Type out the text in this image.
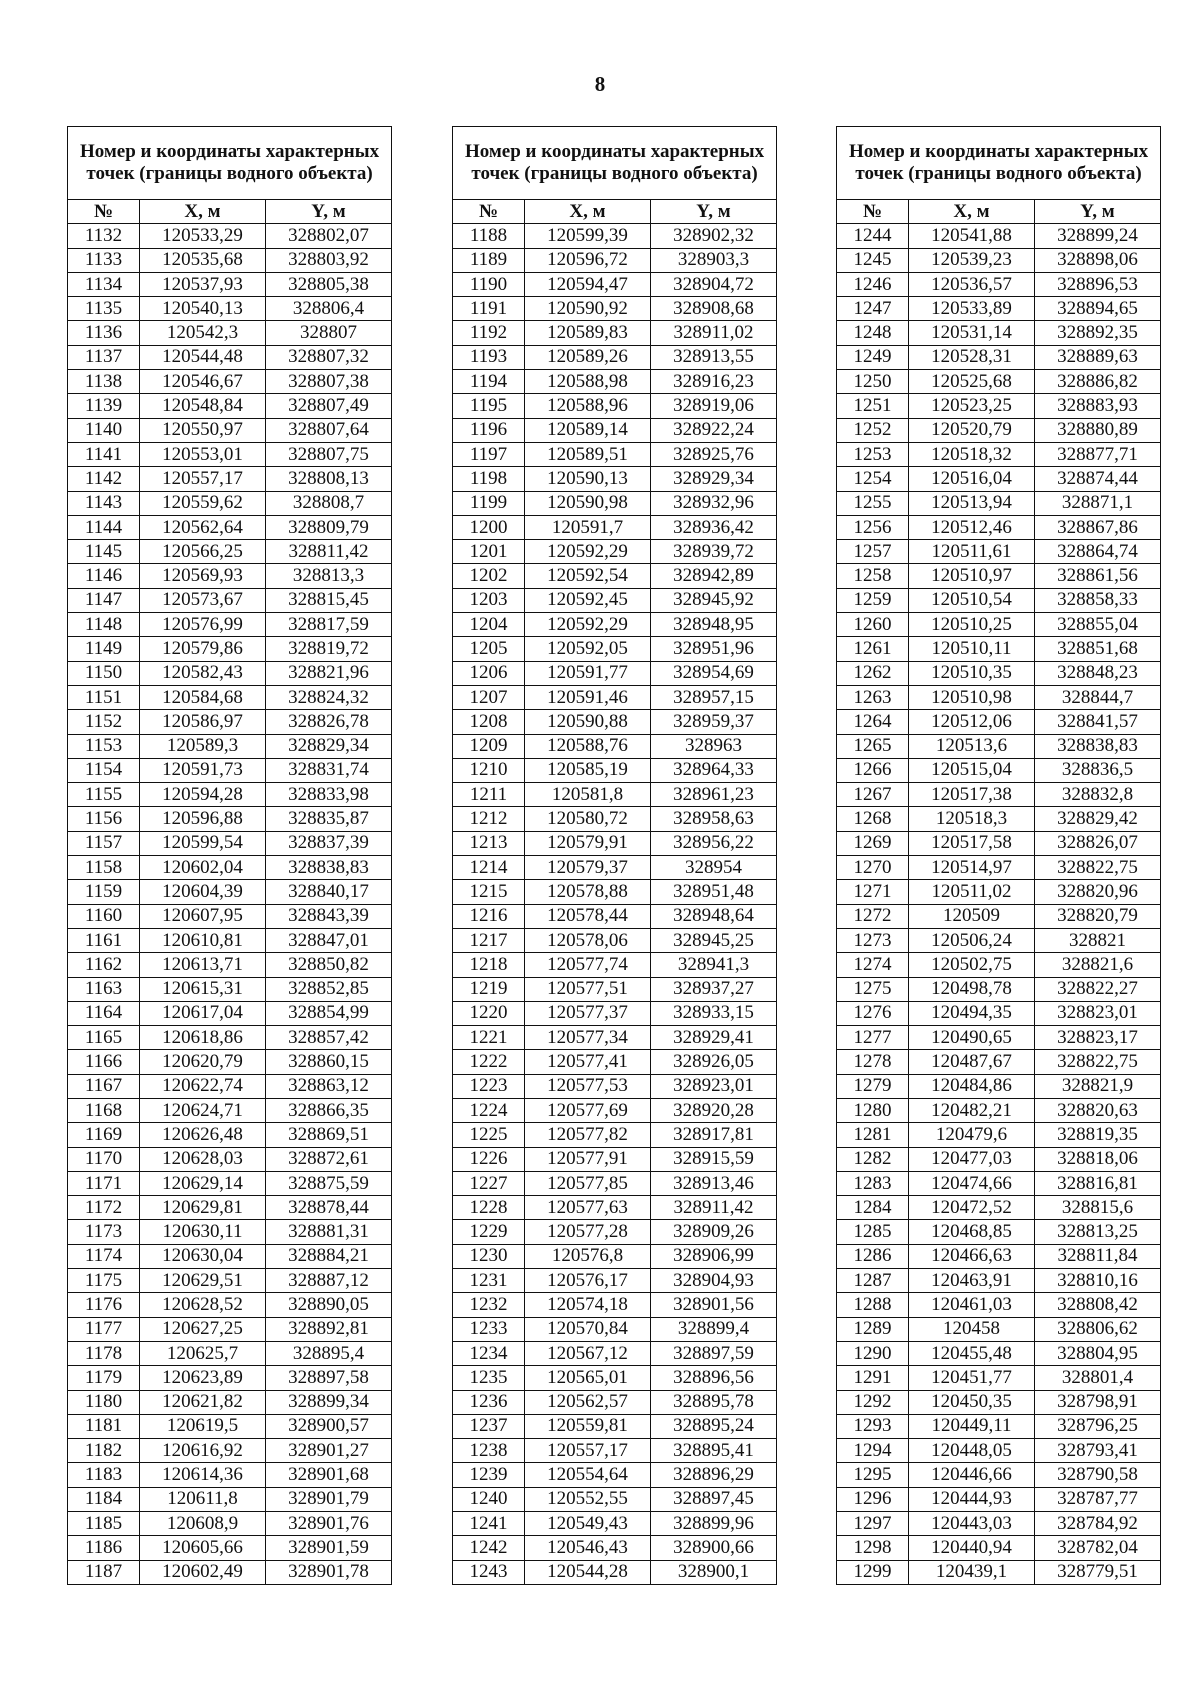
8
Номер и координаты характерных точек (границы водного объекта)		
№	X, м	Y, м
1132	120533,29	328802,07
1133	120535,68	328803,92
1134	120537,93	328805,38
1135	120540,13	328806,4
1136	120542,3	328807
1137	120544,48	328807,32
1138	120546,67	328807,38
1139	120548,84	328807,49
1140	120550,97	328807,64
1141	120553,01	328807,75
1142	120557,17	328808,13
1143	120559,62	328808,7
1144	120562,64	328809,79
1145	120566,25	328811,42
1146	120569,93	328813,3
1147	120573,67	328815,45
1148	120576,99	328817,59
1149	120579,86	328819,72
1150	120582,43	328821,96
1151	120584,68	328824,32
1152	120586,97	328826,78
1153	120589,3	328829,34
1154	120591,73	328831,74
1155	120594,28	328833,98
1156	120596,88	328835,87
1157	120599,54	328837,39
1158	120602,04	328838,83
1159	120604,39	328840,17
1160	120607,95	328843,39
1161	120610,81	328847,01
1162	120613,71	328850,82
1163	120615,31	328852,85
1164	120617,04	328854,99
1165	120618,86	328857,42
1166	120620,79	328860,15
1167	120622,74	328863,12
1168	120624,71	328866,35
1169	120626,48	328869,51
1170	120628,03	328872,61
1171	120629,14	328875,59
1172	120629,81	328878,44
1173	120630,11	328881,31
1174	120630,04	328884,21
1175	120629,51	328887,12
1176	120628,52	328890,05
1177	120627,25	328892,81
1178	120625,7	328895,4
1179	120623,89	328897,58
1180	120621,82	328899,34
1181	120619,5	328900,57
1182	120616,92	328901,27
1183	120614,36	328901,68
1184	120611,8	328901,79
1185	120608,9	328901,76
1186	120605,66	328901,59
1187	120602,49	328901,78
Номер и координаты характерных точек (границы водного объекта)		
№	X, м	Y, м
1188	120599,39	328902,32
1189	120596,72	328903,3
1190	120594,47	328904,72
1191	120590,92	328908,68
1192	120589,83	328911,02
1193	120589,26	328913,55
1194	120588,98	328916,23
1195	120588,96	328919,06
1196	120589,14	328922,24
1197	120589,51	328925,76
1198	120590,13	328929,34
1199	120590,98	328932,96
1200	120591,7	328936,42
1201	120592,29	328939,72
1202	120592,54	328942,89
1203	120592,45	328945,92
1204	120592,29	328948,95
1205	120592,05	328951,96
1206	120591,77	328954,69
1207	120591,46	328957,15
1208	120590,88	328959,37
1209	120588,76	328963
1210	120585,19	328964,33
1211	120581,8	328961,23
1212	120580,72	328958,63
1213	120579,91	328956,22
1214	120579,37	328954
1215	120578,88	328951,48
1216	120578,44	328948,64
1217	120578,06	328945,25
1218	120577,74	328941,3
1219	120577,51	328937,27
1220	120577,37	328933,15
1221	120577,34	328929,41
1222	120577,41	328926,05
1223	120577,53	328923,01
1224	120577,69	328920,28
1225	120577,82	328917,81
1226	120577,91	328915,59
1227	120577,85	328913,46
1228	120577,63	328911,42
1229	120577,28	328909,26
1230	120576,8	328906,99
1231	120576,17	328904,93
1232	120574,18	328901,56
1233	120570,84	328899,4
1234	120567,12	328897,59
1235	120565,01	328896,56
1236	120562,57	328895,78
1237	120559,81	328895,24
1238	120557,17	328895,41
1239	120554,64	328896,29
1240	120552,55	328897,45
1241	120549,43	328899,96
1242	120546,43	328900,66
1243	120544,28	328900,1
Номер и координаты характерных точек (границы водного объекта)		
№	X, м	Y, м
1244	120541,88	328899,24
1245	120539,23	328898,06
1246	120536,57	328896,53
1247	120533,89	328894,65
1248	120531,14	328892,35
1249	120528,31	328889,63
1250	120525,68	328886,82
1251	120523,25	328883,93
1252	120520,79	328880,89
1253	120518,32	328877,71
1254	120516,04	328874,44
1255	120513,94	328871,1
1256	120512,46	328867,86
1257	120511,61	328864,74
1258	120510,97	328861,56
1259	120510,54	328858,33
1260	120510,25	328855,04
1261	120510,11	328851,68
1262	120510,35	328848,23
1263	120510,98	328844,7
1264	120512,06	328841,57
1265	120513,6	328838,83
1266	120515,04	328836,5
1267	120517,38	328832,8
1268	120518,3	328829,42
1269	120517,58	328826,07
1270	120514,97	328822,75
1271	120511,02	328820,96
1272	120509	328820,79
1273	120506,24	328821
1274	120502,75	328821,6
1275	120498,78	328822,27
1276	120494,35	328823,01
1277	120490,65	328823,17
1278	120487,67	328822,75
1279	120484,86	328821,9
1280	120482,21	328820,63
1281	120479,6	328819,35
1282	120477,03	328818,06
1283	120474,66	328816,81
1284	120472,52	328815,6
1285	120468,85	328813,25
1286	120466,63	328811,84
1287	120463,91	328810,16
1288	120461,03	328808,42
1289	120458	328806,62
1290	120455,48	328804,95
1291	120451,77	328801,4
1292	120450,35	328798,91
1293	120449,11	328796,25
1294	120448,05	328793,41
1295	120446,66	328790,58
1296	120444,93	328787,77
1297	120443,03	328784,92
1298	120440,94	328782,04
1299	120439,1	328779,51
